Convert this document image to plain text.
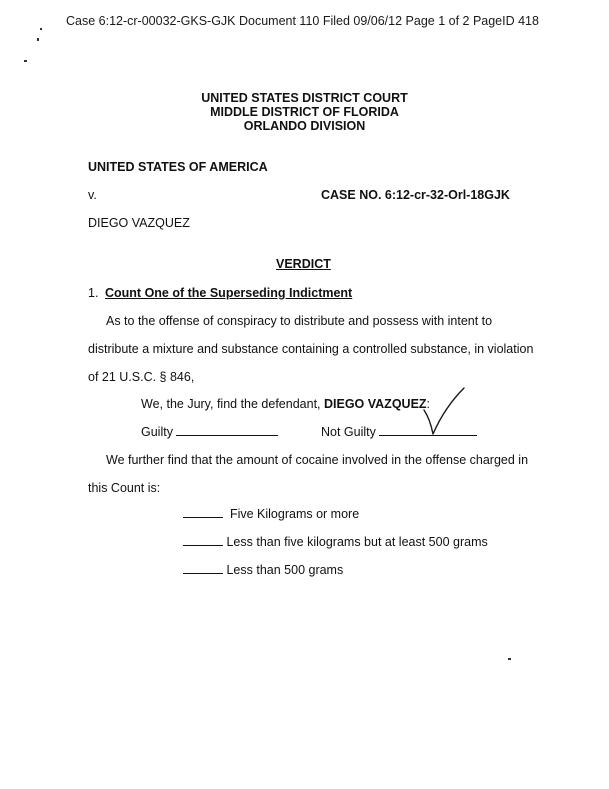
Case 6:12-cr-00032-GKS-GJK Document 110 Filed 09/06/12 Page 1 of 2 PageID 418
UNITED STATES DISTRICT COURT
MIDDLE DISTRICT OF FLORIDA
ORLANDO DIVISION
UNITED STATES OF AMERICA
v.	CASE NO. 6:12-cr-32-Orl-18GJK
DIEGO VAZQUEZ
VERDICT
1. Count One of the Superseding Indictment
As to the offense of conspiracy to distribute and possess with intent to
distribute a mixture and substance containing a controlled substance, in violation
of 21 U.S.C. § 846,
We, the Jury, find the defendant, DIEGO VAZQUEZ:
Guilty	Not Guilty
We further find that the amount of cocaine involved in the offense charged in
this Count is:
Five Kilograms or more
Less than five kilograms but at least 500 grams
Less than 500 grams
